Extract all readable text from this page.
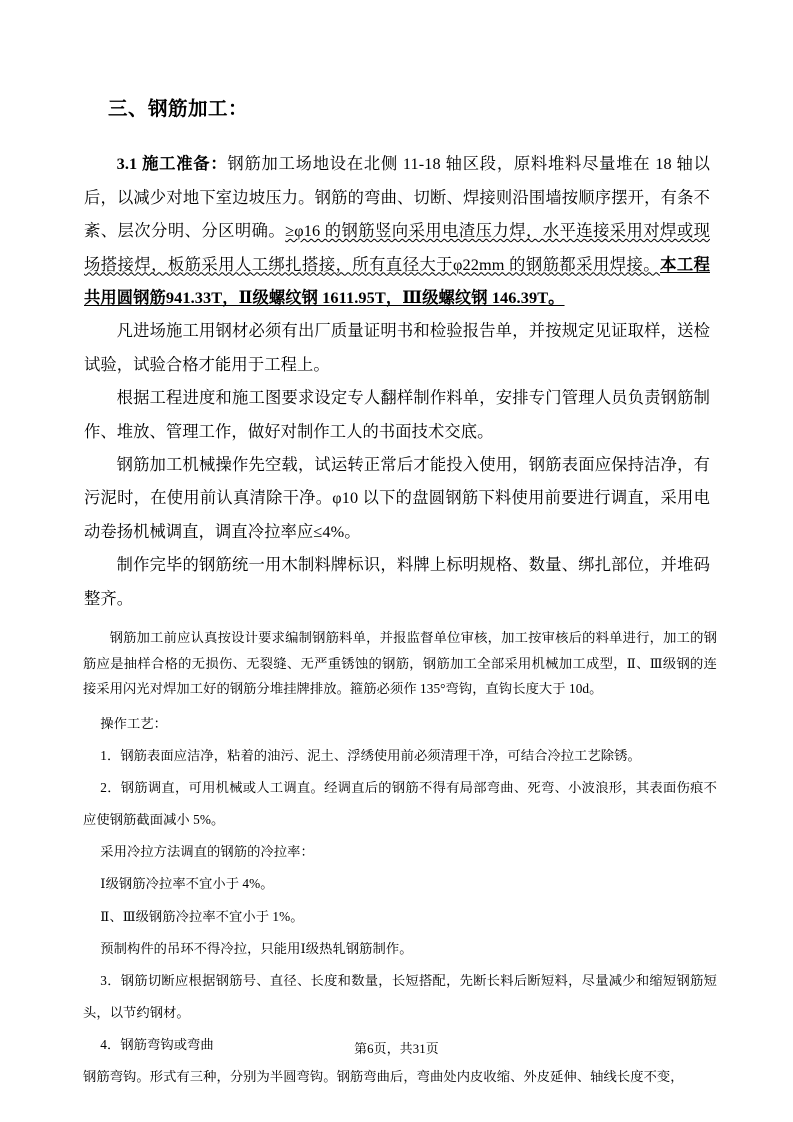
三、钢筋加工：

3.1 施工准备：钢筋加工场地设在北侧 11-18 轴区段，原料堆料尽量堆在 18 轴以后，以减少对地下室边坡压力。钢筋的弯曲、切断、焊接则沿围墙按顺序摆开，有条不紊、层次分明、分区明确。≥φ16 的钢筋竖向采用电渣压力焊，水平连接采用对焊或现场搭接焊，板筋采用人工绑扎搭接，所有直径大于φ22mm 的钢筋都采用焊接。本工程共用圆钢筋941.33T，Ⅱ级螺纹钢 1611.95T，Ⅲ级螺纹钢 146.39T。

凡进场施工用钢材必须有出厂质量证明书和检验报告单，并按规定见证取样，送检试验，试验合格才能用于工程上。

根据工程进度和施工图要求设定专人翻样制作料单，安排专门管理人员负责钢筋制作、堆放、管理工作，做好对制作工人的书面技术交底。

钢筋加工机械操作先空载，试运转正常后才能投入使用，钢筋表面应保持洁净，有污泥时，在使用前认真清除干净。φ10 以下的盘圆钢筋下料使用前要进行调直，采用电动卷扬机械调直，调直冷拉率应≤4%。

制作完毕的钢筋统一用木制料牌标识，料牌上标明规格、数量、绑扎部位，并堆码整齐。

钢筋加工前应认真按设计要求编制钢筋料单，并报监督单位审核，加工按审核后的料单进行，加工的钢筋应是抽样合格的无损伤、无裂缝、无严重锈蚀的钢筋，钢筋加工全部采用机械加工成型，Ⅱ、Ⅲ级钢的连接采用闪光对焊加工好的钢筋分堆挂牌排放。箍筋必须作 135°弯钩，直钩长度大于 10d。

操作工艺：

1．钢筋表面应洁净，粘着的油污、泥土、浮绣使用前必须清理干净，可结合冷拉工艺除锈。

2．钢筋调直，可用机械或人工调直。经调直后的钢筋不得有局部弯曲、死弯、小波浪形，其表面伤痕不应使钢筋截面减小 5%。

采用冷拉方法调直的钢筋的冷拉率：

Ⅰ级钢筋冷拉率不宜小于 4%。

Ⅱ、Ⅲ级钢筋冷拉率不宜小于 1%。

预制构件的吊环不得冷拉，只能用Ⅰ级热轧钢筋制作。

3．钢筋切断应根据钢筋号、直径、长度和数量，长短搭配，先断长料后断短料，尽量减少和缩短钢筋短头，以节约钢材。

4．钢筋弯钩或弯曲

钢筋弯钩。形式有三种，分别为半圆弯钩。钢筋弯曲后，弯曲处内皮收缩、外皮延伸、轴线长度不变，

第6页，共31页
